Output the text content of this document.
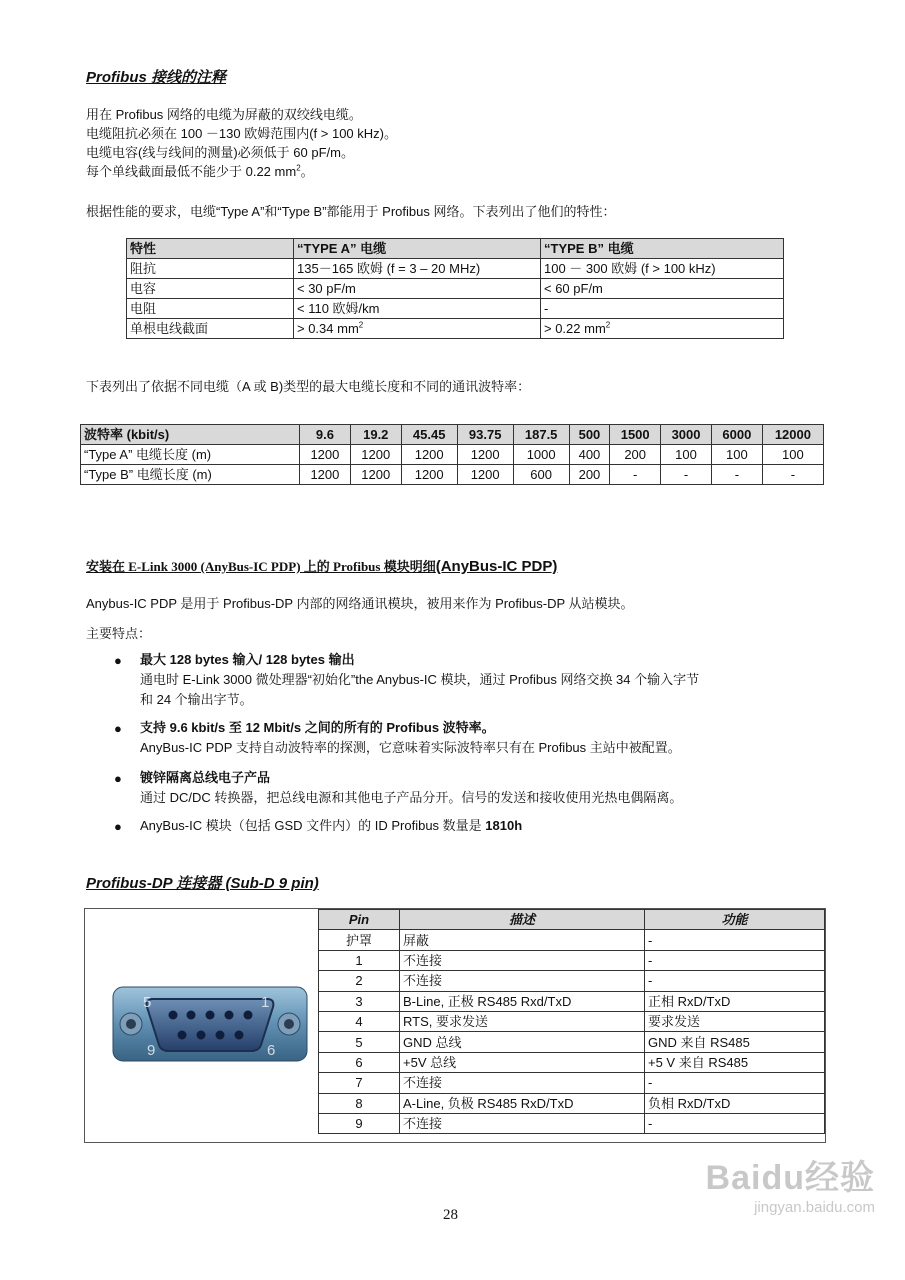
Profibus 接线的注释
用在 Profibus 网络的电缆为屏蔽的双绞线电缆。
电缆阻抗必须在 100 －130 欧姆范围内(f > 100 kHz)。
电缆电容(线与线间的测量)必须低于 60 pF/m。
每个单线截面最低不能少于 0.22 $mm^2$。
根据性能的要求，电缆“Type A”和“Type B”都能用于 Profibus 网络。下表列出了他们的特性：
特性	“TYPE A” 电缆	“TYPE B” 电缆
阻抗	135－165 欧姆 (f = 3 – 20 MHz)	100 － 300 欧姆 (f > 100 kHz)
电容	< 30 pF/m	< 60 pF/m
电阻	< 110 欧姆/km	-
单根电线截面	> 0.34 $mm^2$	> 0.22 $mm^2$
下表列出了依据不同电缆（A 或 B)类型的最大电缆长度和不同的通讯波特率：
波特率 (kbit/s)	9.6	19.2	45.45	93.75	187.5	500	1500	3000	6000	12000
“Type A” 电缆长度 (m)	1200	1200	1200	1200	1000	400	200	100	100	100
“Type B” 电缆长度 (m)	1200	1200	1200	1200	600	200	-	-	-	-
安装在 E-Link 3000 (AnyBus-IC PDP) 上的 Profibus 模块明细(AnyBus-IC PDP)
Anybus-IC PDP 是用于 Profibus-DP 内部的网络通讯模块，被用来作为 Profibus-DP 从站模块。
主要特点：
● 最大 128 bytes 输入/ 128 bytes 输出
通电时 E-Link 3000 微处理器“初始化”the Anybus-IC 模块，通过 Profibus 网络交换 34 个输入字节
和 24 个输出字节。
● 支持 9.6 kbit/s 至 12 Mbit/s 之间的所有的 Profibus 波特率。
AnyBus-IC PDP 支持自动波特率的探测，它意味着实际波特率只有在 Profibus 主站中被配置。
● 镀锌隔离总线电子产品
通过 DC/DC 转换器，把总线电源和其他电子产品分开。信号的发送和接收使用光热电偶隔离。
● AnyBus-IC 模块（包括 GSD 文件内）的 ID Profibus 数量是 1810h
Profibus-DP 连接器 (Sub-D 9 pin)
5	1
9	6
Pin	描述	功能
护罩	屏蔽	-
1	不连接	-
2	不连接	-
3	B-Line, 正极 RS485 Rxd/TxD	正相 RxD/TxD
4	RTS, 要求发送	要求发送
5	GND 总线	GND 来自 RS485
6	+5V 总线	+5 V 来自 RS485
7	不连接	-
8	A-Line, 负极 RS485 RxD/TxD	负相 RxD/TxD
9	不连接	-
28
Baidu经验
jingyan.baidu.com
